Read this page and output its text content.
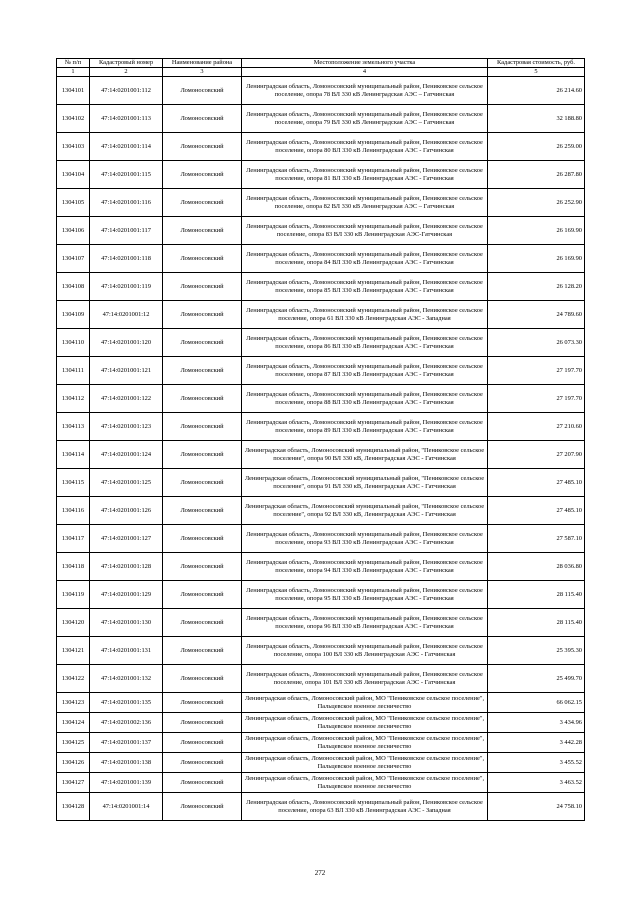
№ п/п	Кадастровый номер	Наименование района	Местоположение земельного участка	Кадастровая стоимость, руб.
1	2	3	4	5
1304101	47:14:0201001:112	Ломоносовский	Ленинградская область, Ломоносовский муниципальный район, Пениковское сельское поселение, опора 78 ВЛ 330 кВ Ленинградская АЭС – Гатчинская	26 214.60
1304102	47:14:0201001:113	Ломоносовский	Ленинградская область, Ломоносовский муниципальный район, Пениковское сельское поселение, опора 79 ВЛ 330 кВ Ленинградская АЭС – Гатчинская	32 188.80
1304103	47:14:0201001:114	Ломоносовский	Ленинградская область, Ломоносовский муниципальный район, Пениковское сельское поселение, опора 80 ВЛ 330 кВ Ленинградская АЭС - Гатчинская	26 259.00
1304104	47:14:0201001:115	Ломоносовский	Ленинградская область, Ломоносовский муниципальный район, Пениковское сельское поселение, опора 81 ВЛ 330 кВ Ленинградская АЭС - Гатчинская	26 287.80
1304105	47:14:0201001:116	Ломоносовский	Ленинградская область, Ломоносовский муниципальный район, Пениковское сельское поселение, опора 82 ВЛ 330 кВ Ленинградская АЭС – Гатчинская	26 252.90
1304106	47:14:0201001:117	Ломоносовский	Ленинградская область, Ломоносовский муниципальный район, Пениковское сельское поселение, опора 83 ВЛ 330 кВ Ленинградская АЭС-Гатчинская	26 169.90
1304107	47:14:0201001:118	Ломоносовский	Ленинградская область, Ломоносовский муниципальный район, Пениковское сельское поселение, опора 84 ВЛ 330 кВ Ленинградская АЭС - Гатчинская	26 169.90
1304108	47:14:0201001:119	Ломоносовский	Ленинградская область, Ломоносовский муниципальный район, Пениковское сельское поселение, опора 85 ВЛ 330 кВ Ленинградская АЭС - Гатчинская	26 128.20
1304109	47:14:0201001:12	Ломоносовский	Ленинградская область, Ломоносовский муниципальный район, Пениковское сельское поселение, опора 61 ВЛ 330 кВ Ленинградская АЭС - Западная	24 789.60
1304110	47:14:0201001:120	Ломоносовский	Ленинградская область, Ломоносовский муниципальный район, Пениковское сельское поселение, опора 86 ВЛ 330 кВ Ленинградская АЭС - Гатчинская	26 073.30
1304111	47:14:0201001:121	Ломоносовский	Ленинградская область, Ломоносовский муниципальный район, Пениковское сельское поселение, опора 87 ВЛ 330 кВ Ленинградская АЭС - Гатчинская	27 197.70
1304112	47:14:0201001:122	Ломоносовский	Ленинградская область, Ломоносовский муниципальный район, Пениковское сельское поселение, опора 88 ВЛ 330 кВ Ленинградская АЭС - Гатчинская	27 197.70
1304113	47:14:0201001:123	Ломоносовский	Ленинградская область, Ломоносовский муниципальный район, Пениковское сельское поселение, опора 89 ВЛ 330 кВ Ленинградская АЭС - Гатчинская	27 210.60
1304114	47:14:0201001:124	Ломоносовский	Ленинградская область, Ломоносовский муниципальный район, "Пениковское сельское поселение", опора 90 ВЛ 330 кВ, Ленинградская АЭС - Гатчинская	27 207.90
1304115	47:14:0201001:125	Ломоносовский	Ленинградская область, Ломоносовский муниципальный район, "Пениковское сельское поселение", опора 91 ВЛ 330 кВ, Ленинградская АЭС - Гатчинская	27 485.10
1304116	47:14:0201001:126	Ломоносовский	Ленинградская область, Ломоносовский муниципальный район, "Пениковское сельское поселение", опора 92 ВЛ 330 кВ, Ленинградская АЭС - Гатчинская	27 485.10
1304117	47:14:0201001:127	Ломоносовский	Ленинградская область, Ломоносовский муниципальный район, Пениковское сельское поселение, опора 93 ВЛ 330 кВ Ленинградская АЭС - Гатчинская	27 587.10
1304118	47:14:0201001:128	Ломоносовский	Ленинградская область, Ломоносовский муниципальный район, Пениковское сельское поселение, опора 94 ВЛ 330 кВ Ленинградская АЭС - Гатчинская	28 036.80
1304119	47:14:0201001:129	Ломоносовский	Ленинградская область, Ломоносовский муниципальный район, Пениковское сельское поселение, опора 95 ВЛ 330 кВ Ленинградская АЭС - Гатчинская	28 115.40
1304120	47:14:0201001:130	Ломоносовский	Ленинградская область, Ломоносовский муниципальный район, Пениковское сельское поселение, опора 96 ВЛ 330 кВ Ленинградская АЭС - Гатчинская	28 115.40
1304121	47:14:0201001:131	Ломоносовский	Ленинградская область, Ломоносовский муниципальный район, Пениковское сельское поселение, опора 100 ВЛ 330 кВ Ленинградская АЭС - Гатчинская	25 395.30
1304122	47:14:0201001:132	Ломоносовский	Ленинградская область, Ломоносовский муниципальный район, Пениковское сельское поселение, опора 101 ВЛ 330 кВ Ленинградская АЭС - Гатчинская	25 499.70
1304123	47:14:0201001:135	Ломоносовский	Ленинградская область, Ломоносовский район, МО "Пениковское сельское поселение", Пальцевское военное лесничество	66 062.15
1304124	47:14:0201002:136	Ломоносовский	Ленинградская область, Ломоносовский район, МО "Пениковское сельское поселение", Пальцевское военное лесничество	3 434.96
1304125	47:14:0201001:137	Ломоносовский	Ленинградская область, Ломоносовский район, МО "Пениковское сельское поселение", Пальцевское военное лесничество	3 442.28
1304126	47:14:0201001:138	Ломоносовский	Ленинградская область, Ломоносовский район, МО "Пениковское сельское поселение", Пальцевское военное лесничество	3 455.52
1304127	47:14:0201001:139	Ломоносовский	Ленинградская область, Ломоносовский район, МО "Пениковское сельское поселение", Пальцевское военное лесничество	3 463.52
1304128	47:14:0201001:14	Ломоносовский	Ленинградская область, Ломоносовский муниципальный район, Пениковское сельское поселение, опора 63 ВЛ 330 кВ Ленинградская АЭС - Западная	24 758.10
272
